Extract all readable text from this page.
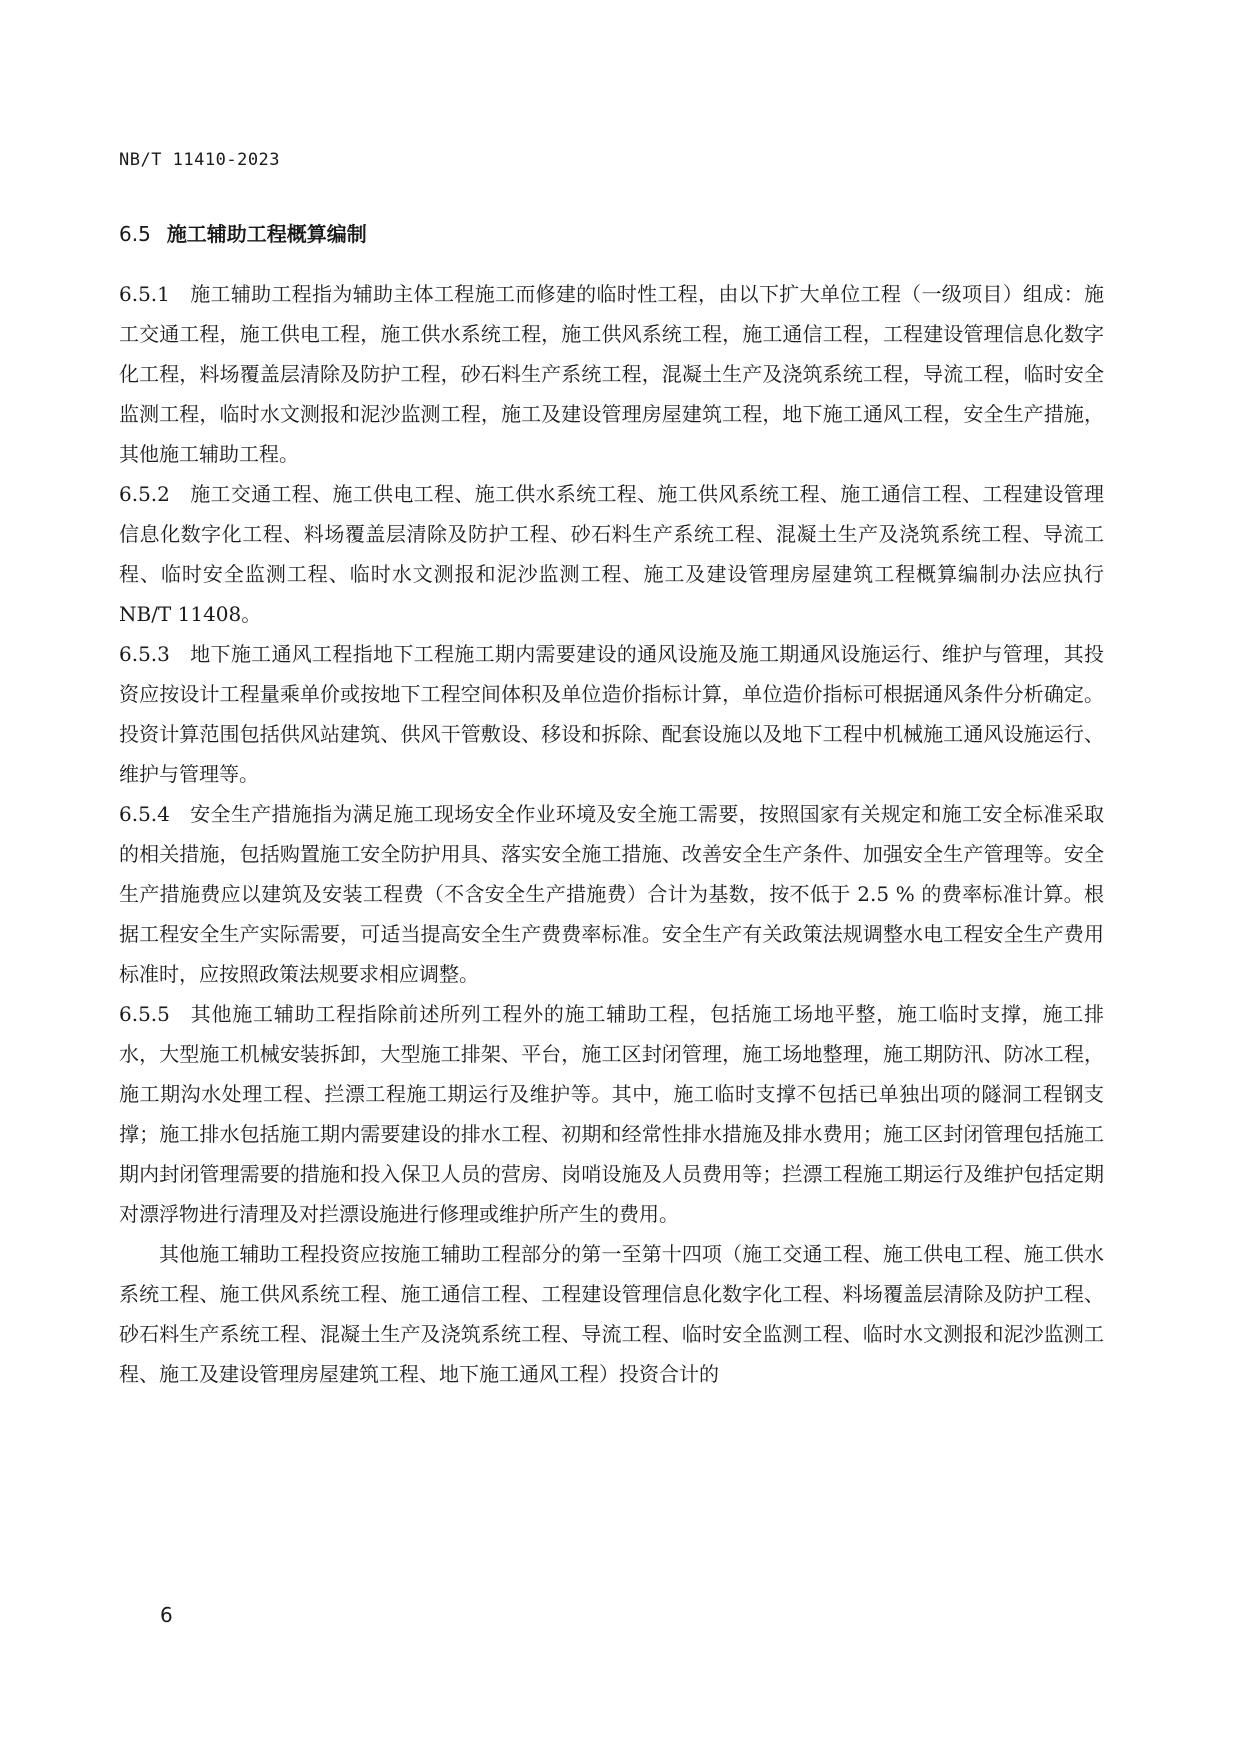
NB/T 11410-2023
6.5 施工辅助工程概算编制

6.5.1 施工辅助工程指为辅助主体工程施工而修建的临时性工程，由以下扩大单位工程（一级项目）组成：施工交通工程，施工供电工程，施工供水系统工程，施工供风系统工程，施工通信工程，工程建设管理信息化数字化工程，料场覆盖层清除及防护工程，砂石料生产系统工程，混凝土生产及浇筑系统工程，导流工程，临时安全监测工程，临时水文测报和泥沙监测工程，施工及建设管理房屋建筑工程，地下施工通风工程，安全生产措施，其他施工辅助工程。

6.5.2 施工交通工程、施工供电工程、施工供水系统工程、施工供风系统工程、施工通信工程、工程建设管理信息化数字化工程、料场覆盖层清除及防护工程、砂石料生产系统工程、混凝土生产及浇筑系统工程、导流工程、临时安全监测工程、临时水文测报和泥沙监测工程、施工及建设管理房屋建筑工程概算编制办法应执行 NB/T 11408。

6.5.3 地下施工通风工程指地下工程施工期内需要建设的通风设施及施工期通风设施运行、维护与管理，其投资应按设计工程量乘单价或按地下工程空间体积及单位造价指标计算，单位造价指标可根据通风条件分析确定。投资计算范围包括供风站建筑、供风干管敷设、移设和拆除、配套设施以及地下工程中机械施工通风设施运行、维护与管理等。

6.5.4 安全生产措施指为满足施工现场安全作业环境及安全施工需要，按照国家有关规定和施工安全标准采取的相关措施，包括购置施工安全防护用具、落实安全施工措施、改善安全生产条件、加强安全生产管理等。安全生产措施费应以建筑及安装工程费（不含安全生产措施费）合计为基数，按不低于 2.5 % 的费率标准计算。根据工程安全生产实际需要，可适当提高安全生产费费率标准。安全生产有关政策法规调整水电工程安全生产费用标准时，应按照政策法规要求相应调整。

6.5.5 其他施工辅助工程指除前述所列工程外的施工辅助工程，包括施工场地平整，施工临时支撑，施工排水，大型施工机械安装拆卸，大型施工排架、平台，施工区封闭管理，施工场地整理，施工期防汛、防冰工程，施工期沟水处理工程、拦漂工程施工期运行及维护等。其中，施工临时支撑不包括已单独出项的隧洞工程钢支撑；施工排水包括施工期内需要建设的排水工程、初期和经常性排水措施及排水费用；施工区封闭管理包括施工期内封闭管理需要的措施和投入保卫人员的营房、岗哨设施及人员费用等；拦漂工程施工期运行及维护包括定期对漂浮物进行清理及对拦漂设施进行修理或维护所产生的费用。

其他施工辅助工程投资应按施工辅助工程部分的第一至第十四项（施工交通工程、施工供电工程、施工供水系统工程、施工供风系统工程、施工通信工程、工程建设管理信息化数字化工程、料场覆盖层清除及防护工程、砂石料生产系统工程、混凝土生产及浇筑系统工程、导流工程、临时安全监测工程、临时水文测报和泥沙监测工程、施工及建设管理房屋建筑工程、地下施工通风工程）投资合计的

6
